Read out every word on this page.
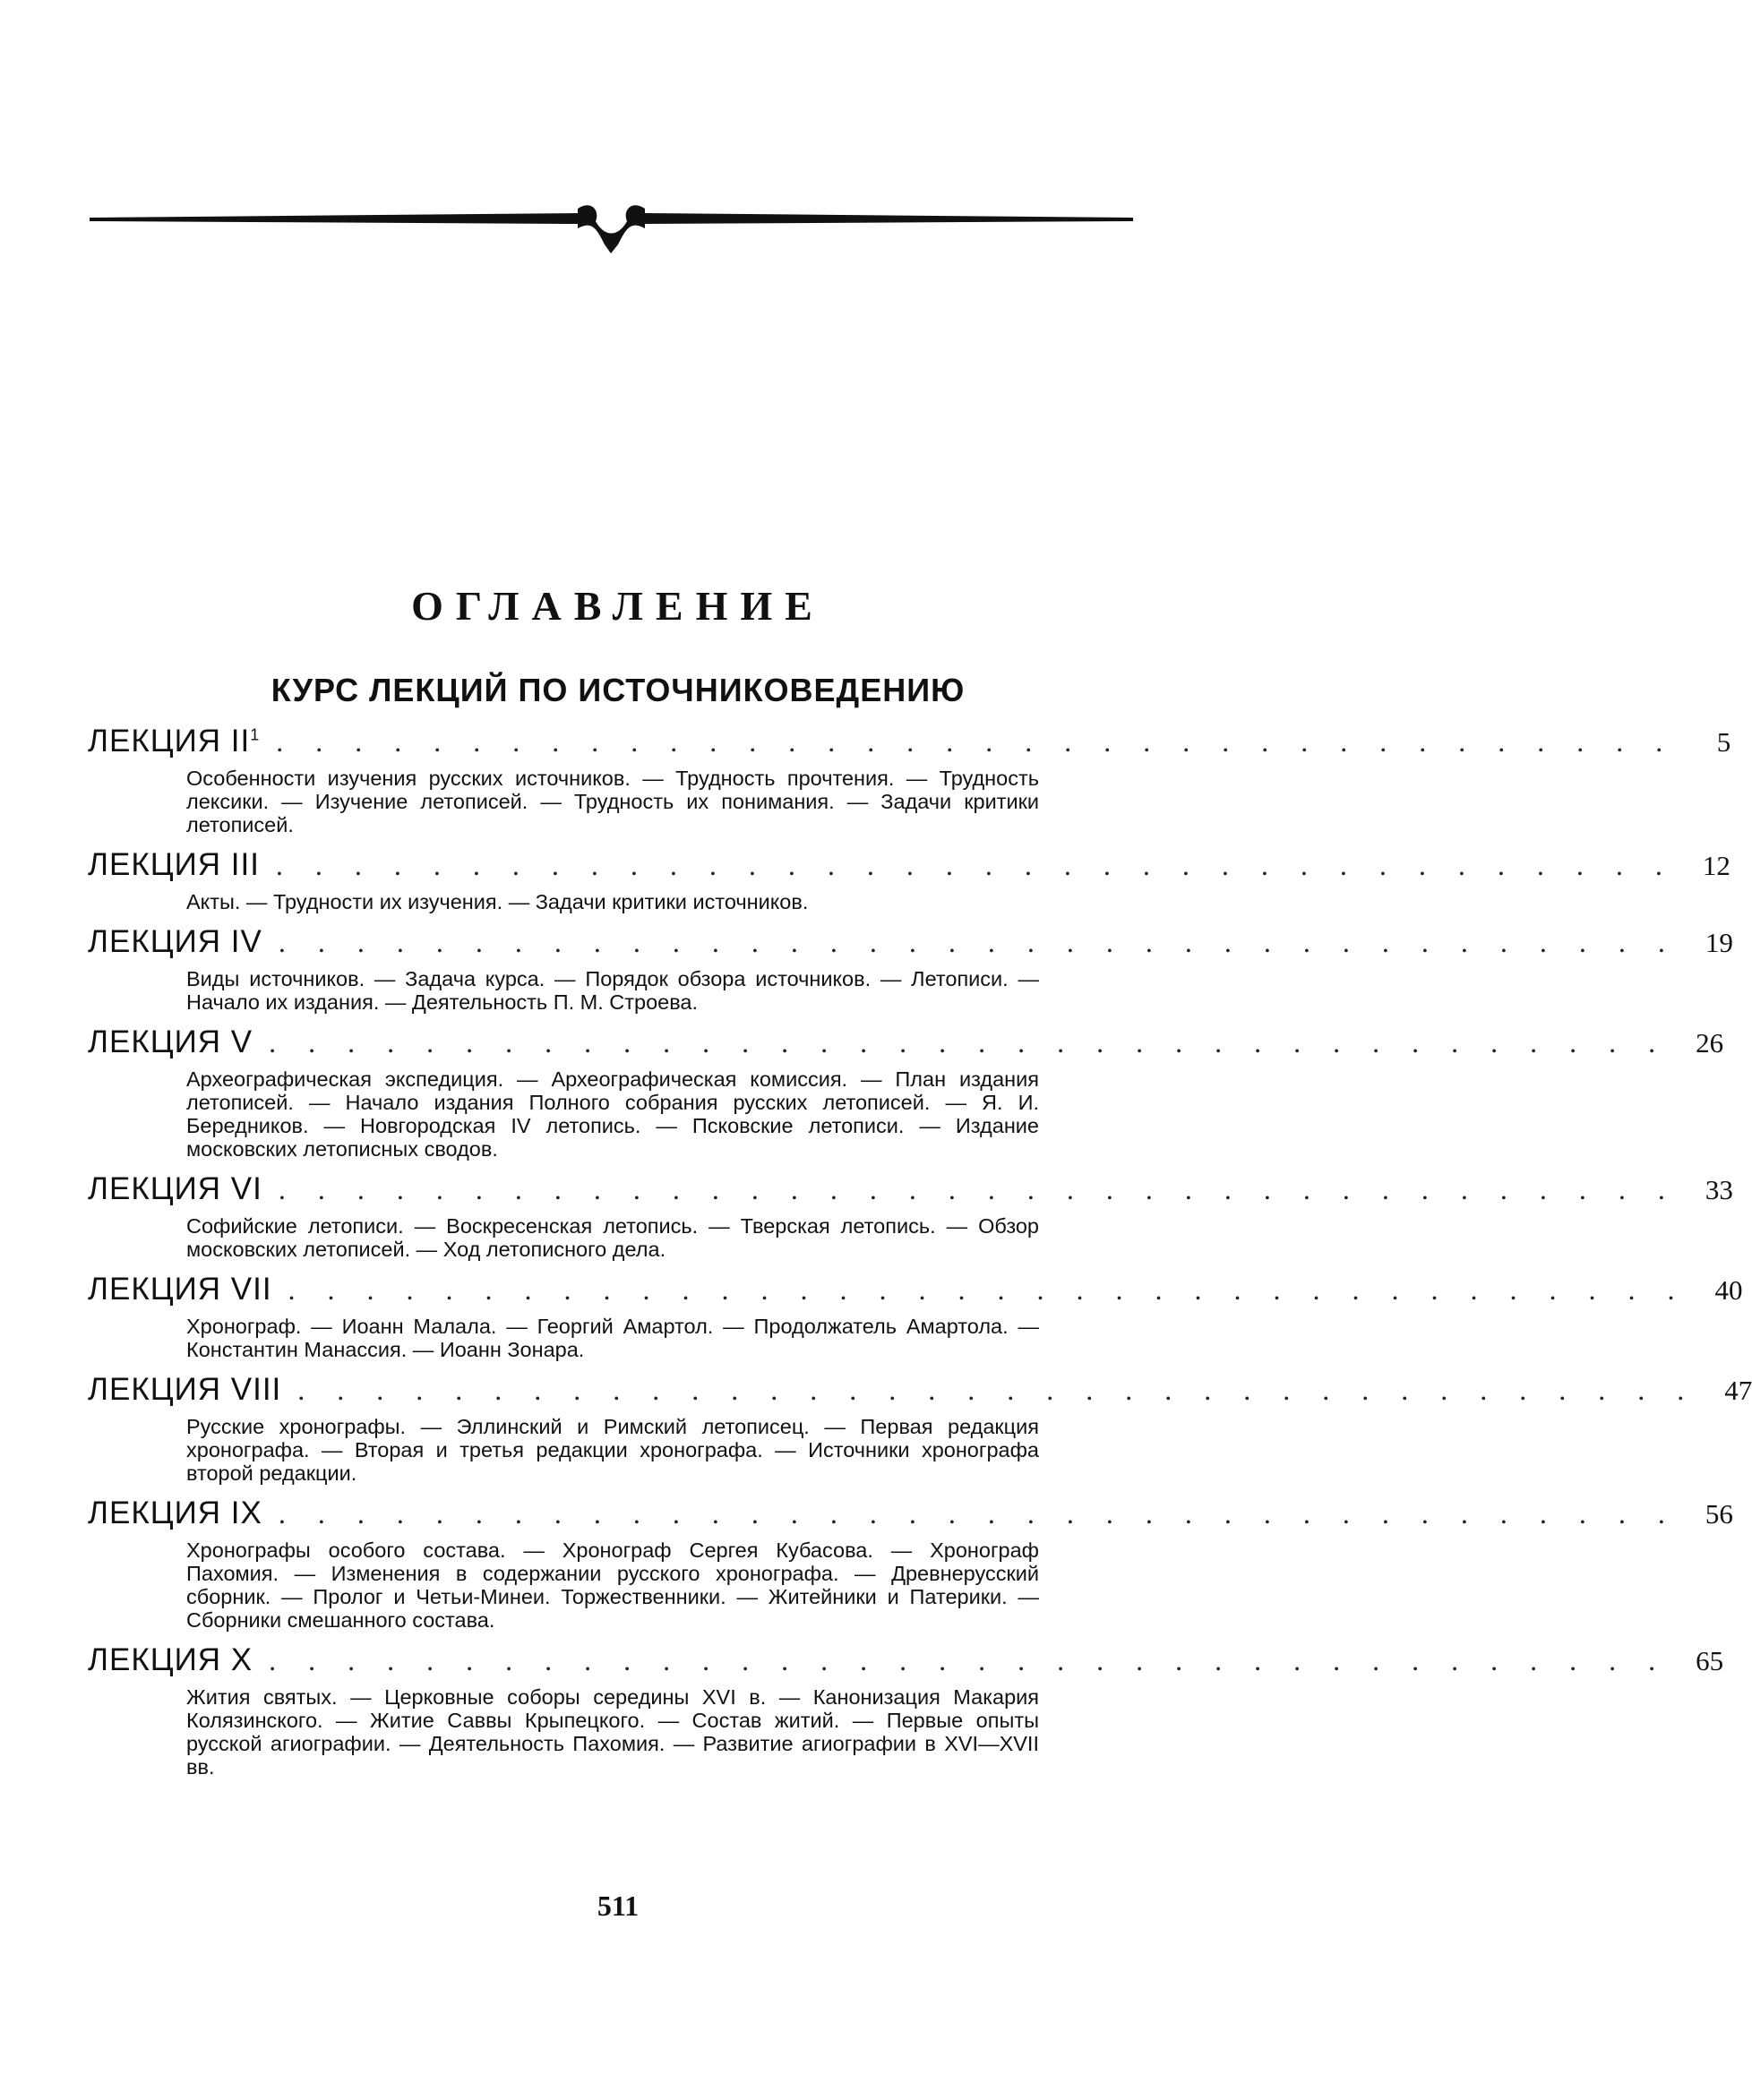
ОГЛАВЛЕНИЕ
КУРС ЛЕКЦИЙ ПО ИСТОЧНИКОВЕДЕНИЮ
ЛЕКЦИЯ $II^1$ . . . . . . . . . . . . . . . . . . . . . . . . . . . . . . . . . . . .	5
Особенности изучения русских источников. — Трудность прочтения. — Трудность лексики. — Изучение летописей. — Трудность их понимания. — Задачи критики летописей.
ЛЕКЦИЯ III . . . . . . . . . . . . . . . . . . . . . . . . . . . . . . . . . . . . 12
Акты. — Трудности их изучения. — Задачи критики источников.
ЛЕКЦИЯ IV . . . . . . . . . . . . . . . . . . . . . . . . . . . . . . . . . . . . 19
Виды источников. — Задача курса. — Порядок обзора источников. — Летописи. — Начало их издания. — Деятельность П. М. Строева.
ЛЕКЦИЯ V . . . . . . . . . . . . . . . . . . . . . . . . . . . . . . . . . . . . 26
Археографическая экспедиция. — Археографическая комиссия. — План издания летописей. — Начало издания Полного собрания русских летописей. — Я. И. Бередников. — Новгородская IV летопись. — Псковские летописи. — Издание московских летописных сводов.
ЛЕКЦИЯ VI . . . . . . . . . . . . . . . . . . . . . . . . . . . . . . . . . . . . 33
Софийские летописи. — Воскресенская летопись. — Тверская летопись. — Обзор московских летописей. — Ход летописного дела.
ЛЕКЦИЯ VII . . . . . . . . . . . . . . . . . . . . . . . . . . . . . . . . . . . . 40
Хронограф. — Иоанн Малала. — Георгий Амартол. — Продолжатель Амартола. — Константин Манассия. — Иоанн Зонара.
ЛЕКЦИЯ VIII . . . . . . . . . . . . . . . . . . . . . . . . . . . . . . . . . . . . 47
Русские хронографы. — Эллинский и Римский летописец. — Первая редакция хронографа. — Вторая и третья редакции хронографа. — Источники хронографа второй редакции.
ЛЕКЦИЯ IX . . . . . . . . . . . . . . . . . . . . . . . . . . . . . . . . . . . . 56
Хронографы особого состава. — Хронограф Сергея Кубасова. — Хронограф Пахомия. — Изменения в содержании русского хронографа. — Древнерусский сборник. — Пролог и Четьи-Минеи. Торжественники. — Житейники и Патерики. — Сборники смешанного состава.
ЛЕКЦИЯ X . . . . . . . . . . . . . . . . . . . . . . . . . . . . . . . . . . . . 65
Жития святых. — Церковные соборы середины XVI в. — Канонизация Макария Колязинского. — Житие Саввы Крыпецкого. — Состав житий. — Первые опыты русской агиографии. — Деятельность Пахомия. — Развитие агиографии в XVI—XVII вв.
511
